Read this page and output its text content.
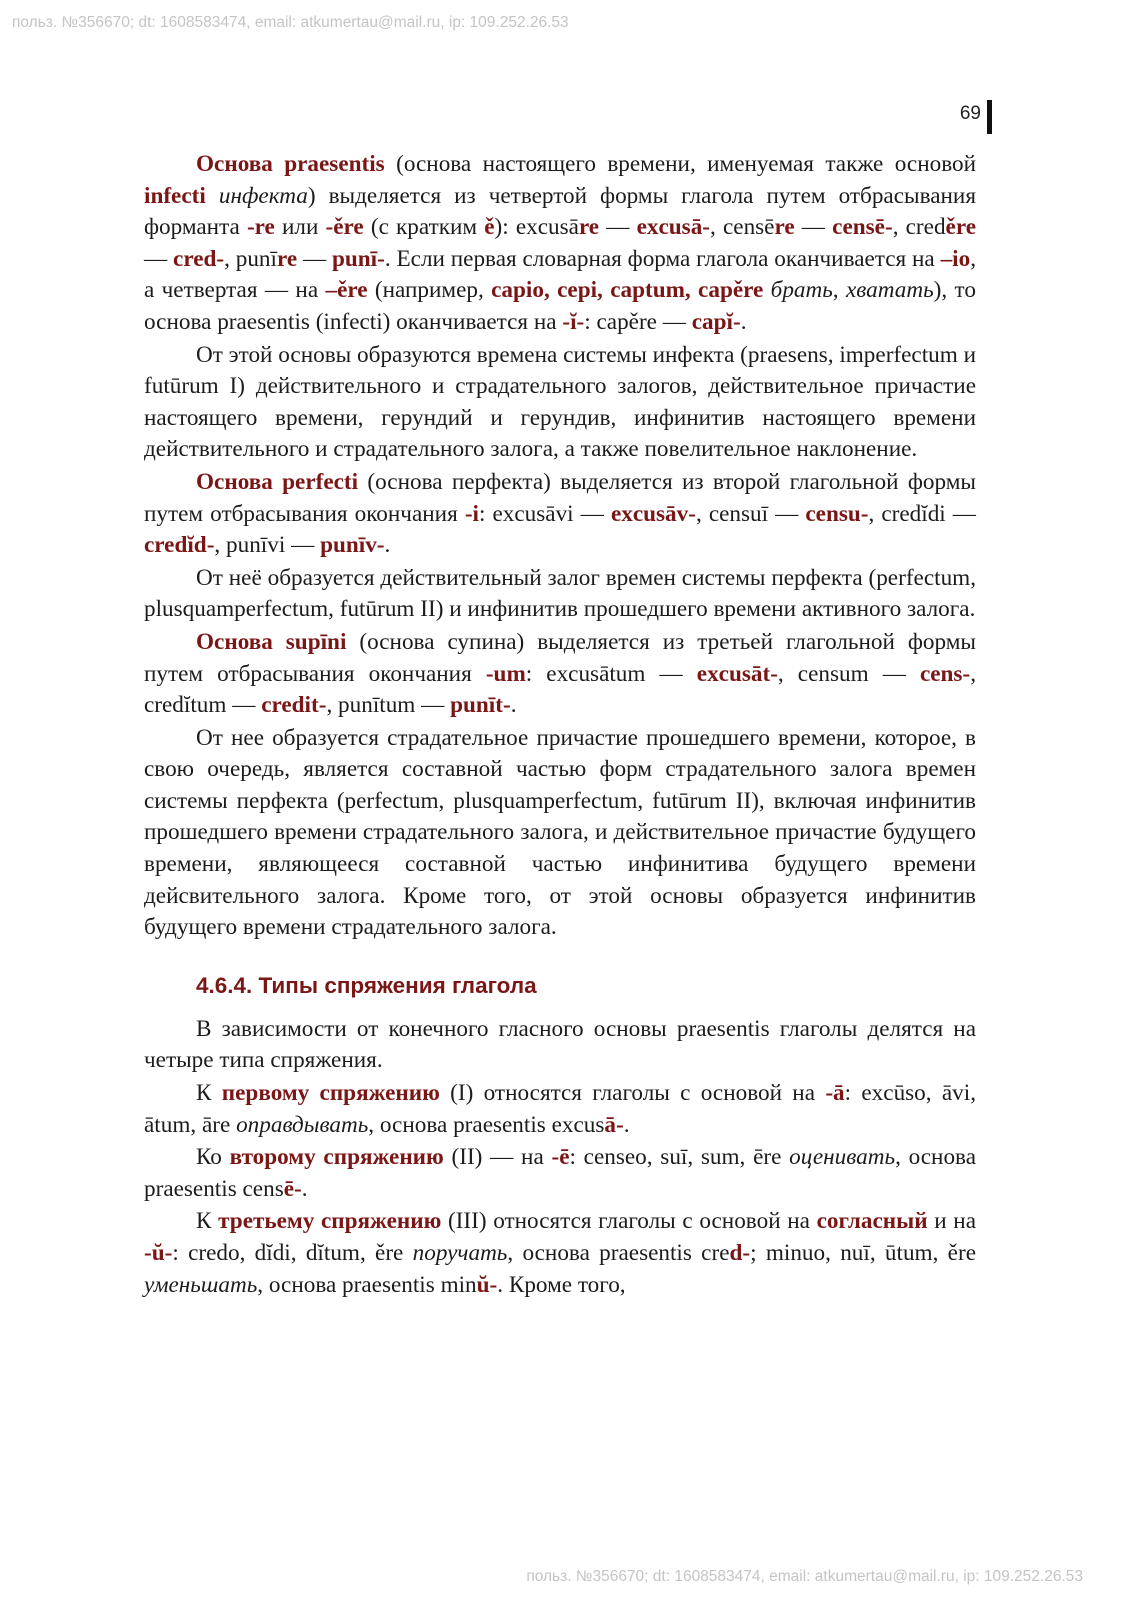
польз. №356670; dt: 1608583474, email: atkumertau@mail.ru, ip: 109.252.26.53
69

Основа praesentis (основа настоящего времени, именуемая также основой infecti инфекта) выделяется из четвертой формы глагола путем отбрасывания форманта -re или -ěre (с кратким ě): excusāre — excusā-, censēre — censē-, creděre — cred-, punīre — punī-. Если первая словарная форма глагола оканчивается на –io, а четвертая — на –ěre (например, capio, cepi, captum, capěre брать, хватать), то основа praesentis (infecti) оканчивается на -ĭ-: capěre — capĭ-.

От этой основы образуются времена системы инфекта (praesens, imperfectum и futūrum I) действительного и страдательного залогов, действительное причастие настоящего времени, герундий и герундив, инфинитив настоящего времени действительного и страдательного залога, а также повелительное наклонение.

Основа perfecti (основа перфекта) выделяется из второй глагольной формы путем отбрасывания окончания -i: excusāvi — excusāv-, censuī — censu-, credĭdi — credĭd-, punīvi — punīv-.

От неё образуется действительный залог времен системы перфекта (perfectum, plusquamperfectum, futūrum II) и инфинитив прошедшего времени активного залога.

Основа supīni (основа супина) выделяется из третьей глагольной формы путем отбрасывания окончания -um: excusātum — excusāt-, censum — cens-, credĭtum — credit-, punītum — punīt-.

От нее образуется страдательное причастие прошедшего времени, которое, в свою очередь, является составной частью форм страдательного залога времен системы перфекта (perfectum, plusquamperfectum, futūrum II), включая инфинитив прошедшего времени страдательного залога, и действительное причастие будущего времени, являющееся составной частью инфинитива будущего времени дейсвительного залога. Кроме того, от этой основы образуется инфинитив будущего времени страдательного залога.

4.6.4. Типы спряжения глагола

В зависимости от конечного гласного основы praesentis глаголы делятся на четыре типа спряжения.

К первому спряжению (I) относятся глаголы с основой на -ā: excūso, āvi, ātum, āre оправдывать, основа praesentis excusā-.

Ко второму спряжению (II) — на -ē: censeo, suī, sum, ēre оценивать, основа praesentis censē-.

К третьему спряжению (III) относятся глаголы с основой на согласный и на -ŭ-: credo, dĭdi, dĭtum, ěre поручать, основа praesentis cred-; minuo, nuī, ūtum, ěre уменьшать, основа praesentis minŭ-. Кроме того,

польз. №356670; dt: 1608583474, email: atkumertau@mail.ru, ip: 109.252.26.53
